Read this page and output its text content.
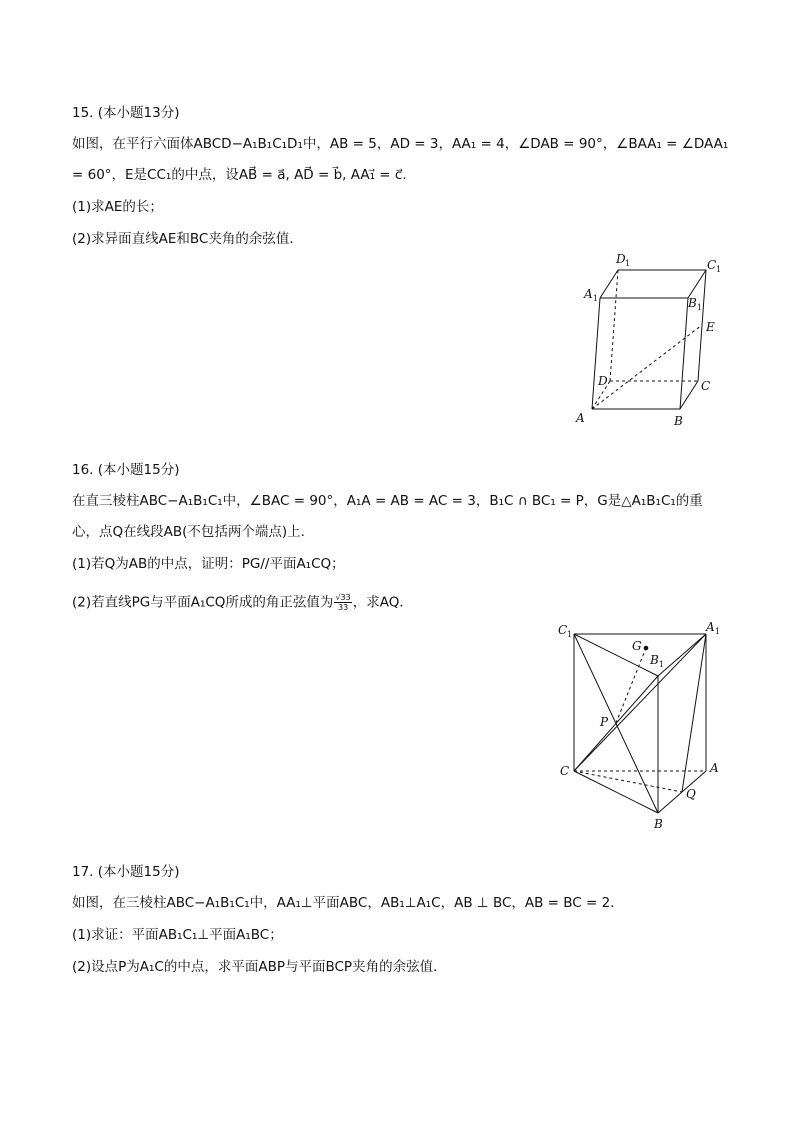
15. (本小题13分)
如图，在平行六面体ABCD−A₁B₁C₁D₁中，AB = 5，AD = 3，AA₁ = 4，∠DAB = 90°，∠BAA₁ = ∠DAA₁
= 60°，E是CC₁的中点，设AB⃗ = a⃗, AD⃗ = b⃗, AA₁⃗ = c⃗.
(1)求AE的长；
(2)求异面直线AE和BC夹角的余弦值．
A	B
C
D
E
A 1	B 1
C 1
D 1
16. (本小题15分)
在直三棱柱ABC−A₁B₁C₁中，∠BAC = 90°，A₁A = AB = AC = 3，B₁C ∩ BC₁ = P，G是△A₁B₁C₁的重
心，点Q在线段AB(不包括两个端点)上．
(1)若Q为AB的中点，证明：PG//平面A₁CQ；
(2)若直线PG与平面A₁CQ所成的角正弦值为 $\frac{√33}{33}$ ，求AQ．
C 1
A 1
G
B 1
P
C	A
Q
B
17. (本小题15分)
如图，在三棱柱ABC−A₁B₁C₁中，AA₁⊥平面ABC，AB₁⊥A₁C，AB ⊥ BC，AB = BC = 2．
(1)求证：平面AB₁C₁⊥平面A₁BC；
(2)设点P为A₁C的中点，求平面ABP与平面BCP夹角的余弦值．
